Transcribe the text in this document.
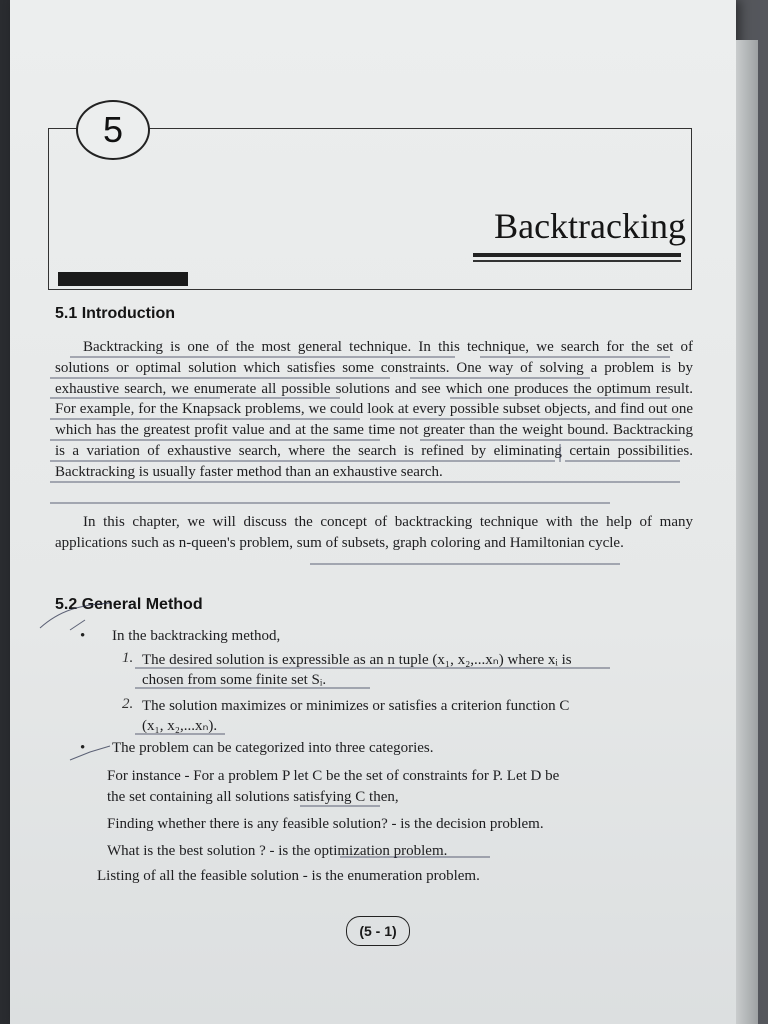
5
Backtracking
5.1 Introduction
Backtracking is one of the most general technique. In this technique, we search for the set of solutions or optimal solution which satisfies some constraints. One way of solving a problem is by exhaustive search, we enumerate all possible solutions and see which one produces the optimum result. For example, for the Knapsack problems, we could look at every possible subset objects, and find out one which has the greatest profit value and at the same time not greater than the weight bound. Backtracking is a variation of exhaustive search, where the search is refined by eliminating certain possibilities. Backtracking is usually faster method than an exhaustive search.
In this chapter, we will discuss the concept of backtracking technique with the help of many applications such as n-queen's problem, sum of subsets, graph coloring and Hamiltonian cycle.
5.2 General Method
• In the backtracking method,
1. The desired solution is expressible as an n tuple (x₁, x₂,...xₙ) where xᵢ is
chosen from some finite set Sᵢ.
2. The solution maximizes or minimizes or satisfies a criterion function C
(x₁, x₂,...xₙ).
• The problem can be categorized into three categories.
For instance - For a problem P let C be the set of constraints for P. Let D be
the set containing all solutions satisfying C then,
Finding whether there is any feasible solution? - is the decision problem.
What is the best solution ? - is the optimization problem.
Listing of all the feasible solution - is the enumeration problem.
(5 - 1)
